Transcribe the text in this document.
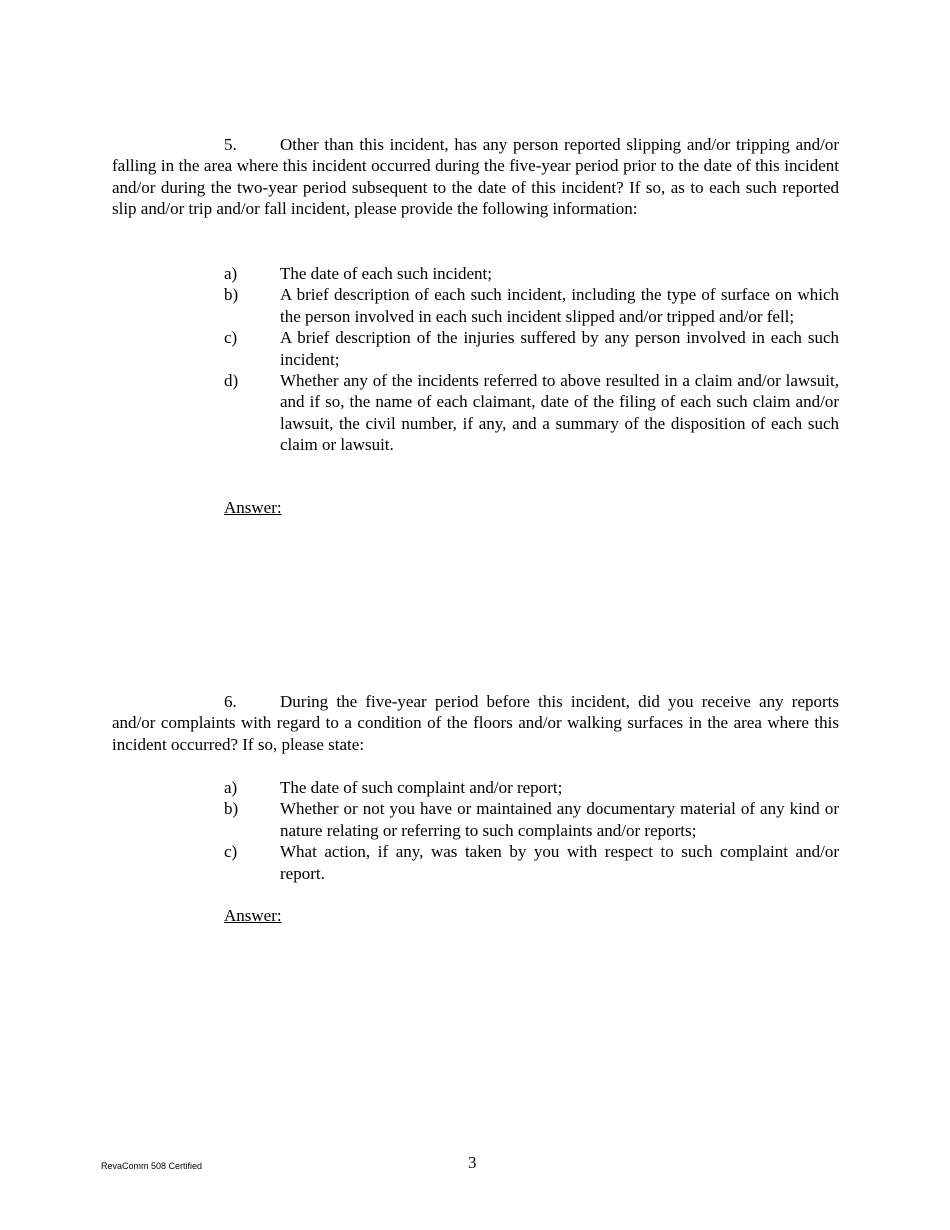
5.	Other than this incident, has any person reported slipping and/or tripping and/or falling in the area where this incident occurred during the five-year period prior to the date of this incident and/or during the two-year period subsequent to the date of this incident? If so, as to each such reported slip and/or trip and/or fall incident, please provide the following information:

a)	The date of each such incident;
b)	A brief description of each such incident, including the type of surface on which the person involved in each such incident slipped and/or tripped and/or fell;
c)	A brief description of the injuries suffered by any person involved in each such incident;
d)	Whether any of the incidents referred to above resulted in a claim and/or lawsuit, and if so, the name of each claimant, date of the filing of each such claim and/or lawsuit, the civil number, if any, and a summary of the disposition of each such claim or lawsuit.

Answer:

6.	During the five-year period before this incident, did you receive any reports and/or complaints with regard to a condition of the floors and/or walking surfaces in the area where this incident occurred? If so, please state:

a)	The date of such complaint and/or report;
b)	Whether or not you have or maintained any documentary material of any kind or nature relating or referring to such complaints and/or reports;
c)	What action, if any, was taken by you with respect to such complaint and/or report.

Answer:

RevaComm 508 Certified	3
